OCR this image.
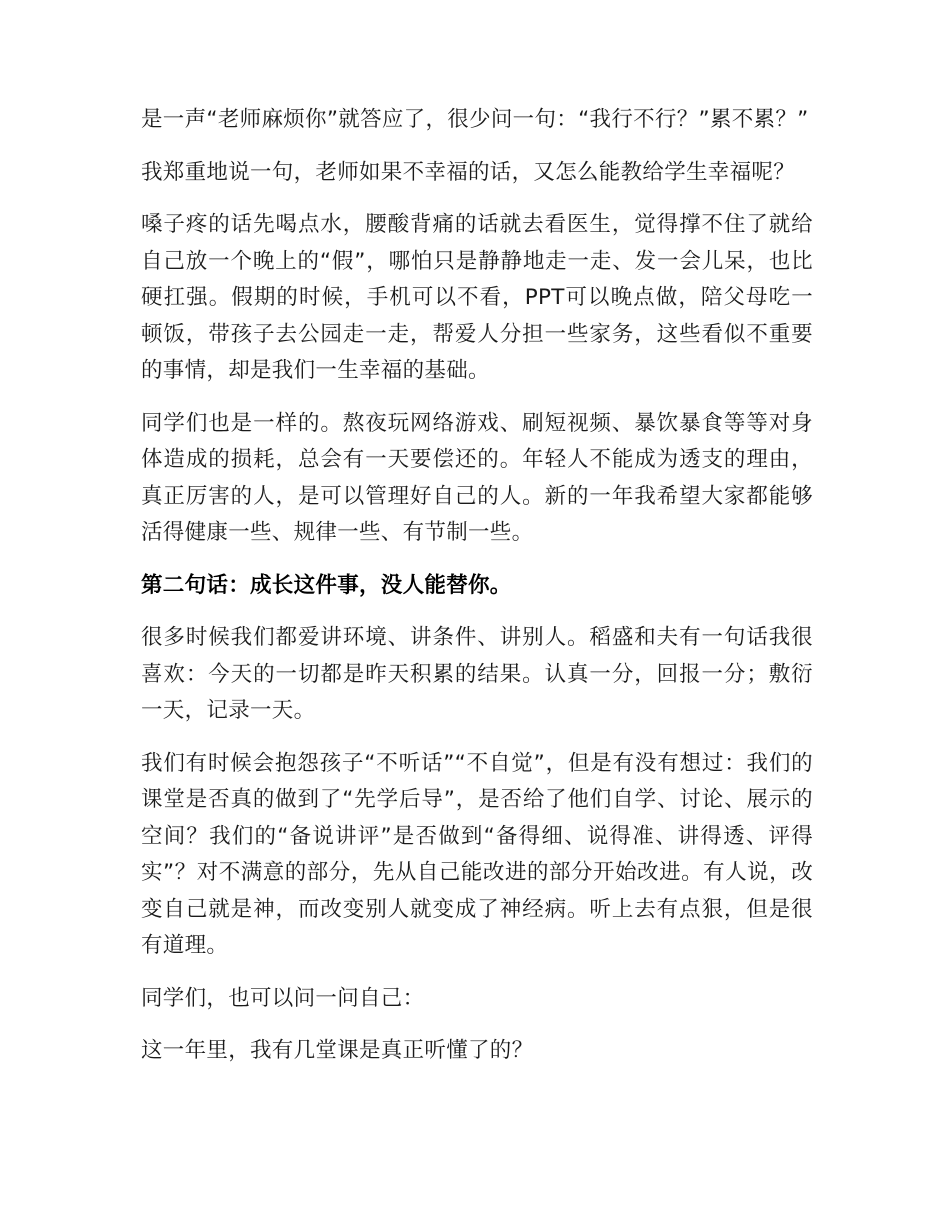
是一声“老师麻烦你”就答应了，很少问一句：“我行不行？”累不累？”

我郑重地说一句，老师如果不幸福的话，又怎么能教给学生幸福呢？

嗓子疼的话先喝点水，腰酸背痛的话就去看医生，觉得撑不住了就给自己放一个晚上的“假”，哪怕只是静静地走一走、发一会儿呆，也比硬扛强。假期的时候，手机可以不看，PPT可以晚点做，陪父母吃一顿饭，带孩子去公园走一走，帮爱人分担一些家务，这些看似不重要的事情，却是我们一生幸福的基础。

同学们也是一样的。熬夜玩网络游戏、刷短视频、暴饮暴食等等对身体造成的损耗，总会有一天要偿还的。年轻人不能成为透支的理由，真正厉害的人，是可以管理好自己的人。新的一年我希望大家都能够活得健康一些、规律一些、有节制一些。

第二句话：成长这件事，没人能替你。

很多时候我们都爱讲环境、讲条件、讲别人。稻盛和夫有一句话我很喜欢：今天的一切都是昨天积累的结果。认真一分，回报一分；敷衍一天，记录一天。

我们有时候会抱怨孩子“不听话”“不自觉”，但是有没有想过：我们的课堂是否真的做到了“先学后导”，是否给了他们自学、讨论、展示的空间？我们的“备说讲评”是否做到“备得细、说得准、讲得透、评得实”？对不满意的部分，先从自己能改进的部分开始改进。有人说，改变自己就是神，而改变别人就变成了神经病。听上去有点狠，但是很有道理。

同学们，也可以问一问自己：

这一年里，我有几堂课是真正听懂了的？
